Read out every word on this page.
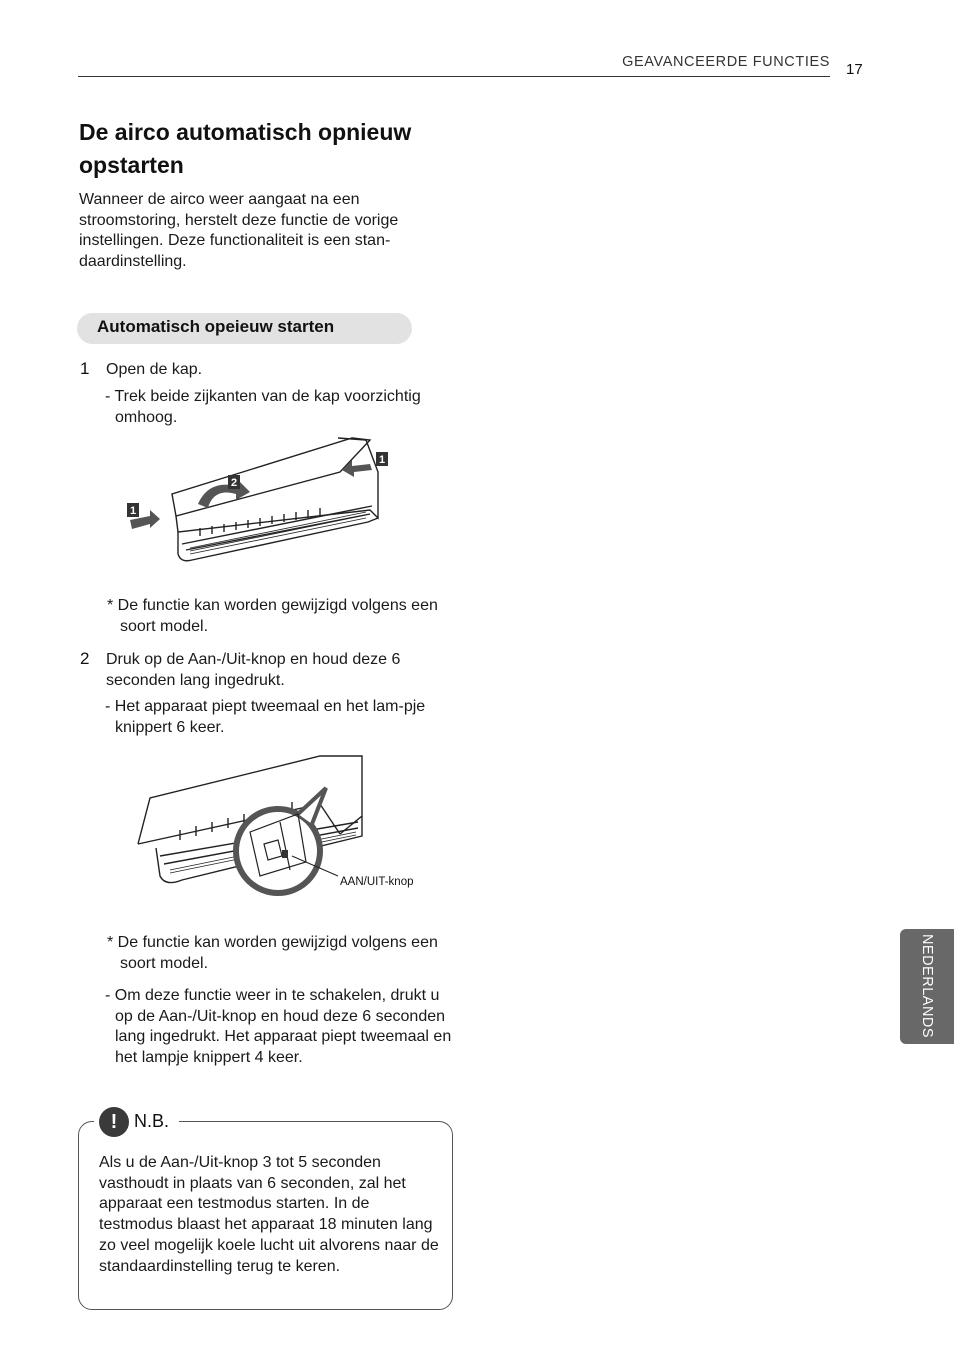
GEAVANCEERDE FUNCTIES 17
De airco automatisch opnieuw opstarten
Wanneer de airco weer aangaat na een stroomstoring, herstelt deze functie de vorige instellingen. Deze functionaliteit is een stan-daardinstelling.
Automatisch opeieuw starten
1 Open de kap.
- Trek beide zijkanten van de kap voorzichtig omhoog.
1
2
1
* De functie kan worden gewijzigd volgens een soort model.
2 Druk op de Aan-/Uit-knop en houd deze 6 seconden lang ingedrukt.
- Het apparaat piept tweemaal en het lam-pje knippert 6 keer.
AAN/UIT-knop
* De functie kan worden gewijzigd volgens een soort model.
- Om deze functie weer in te schakelen, drukt u op de Aan-/Uit-knop en houd deze 6 seconden lang ingedrukt. Het apparaat piept tweemaal en het lampje knippert 4 keer.
! N.B.
Als u de Aan-/Uit-knop 3 tot 5 seconden vasthoudt in plaats van 6 seconden, zal het apparaat een testmodus starten. In de testmodus blaast het apparaat 18 minuten lang zo veel mogelijk koele lucht uit alvorens naar de standaardinstelling terug te keren.
NEDERLANDS
